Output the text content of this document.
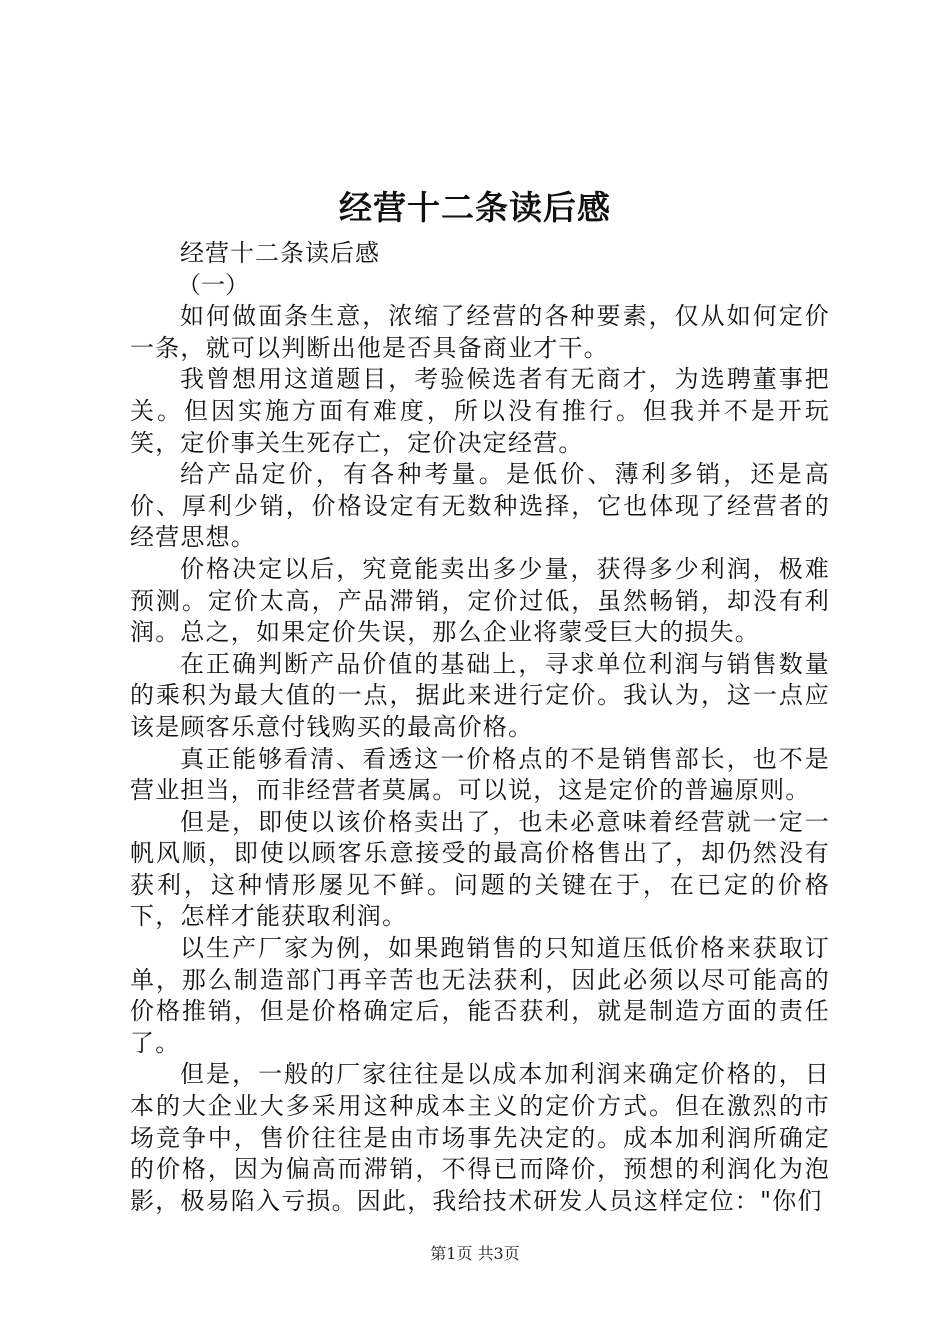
经营十二条读后感

经营十二条读后感

（一）

如何做面条生意，浓缩了经营的各种要素，仅从如何定价一条，就可以判断出他是否具备商业才干。

我曾想用这道题目，考验候选者有无商才，为选聘董事把关。但因实施方面有难度，所以没有推行。但我并不是开玩笑，定价事关生死存亡，定价决定经营。

给产品定价，有各种考量。是低价、薄利多销，还是高价、厚利少销，价格设定有无数种选择，它也体现了经营者的经营思想。

价格决定以后，究竟能卖出多少量，获得多少利润，极难预测。定价太高，产品滞销，定价过低，虽然畅销，却没有利润。总之，如果定价失误，那么企业将蒙受巨大的损失。

在正确判断产品价值的基础上，寻求单位利润与销售数量的乘积为最大值的一点，据此来进行定价。我认为，这一点应该是顾客乐意付钱购买的最高价格。

真正能够看清、看透这一价格点的不是销售部长，也不是营业担当，而非经营者莫属。可以说，这是定价的普遍原则。

但是，即使以该价格卖出了，也未必意味着经营就一定一帆风顺，即使以顾客乐意接受的最高价格售出了，却仍然没有获利，这种情形屡见不鲜。问题的关键在于，在已定的价格下，怎样才能获取利润。

以生产厂家为例，如果跑销售的只知道压低价格来获取订单，那么制造部门再辛苦也无法获利，因此必须以尽可能高的价格推销，但是价格确定后，能否获利，就是制造方面的责任了。

但是，一般的厂家往往是以成本加利润来确定价格的，日本的大企业大多采用这种成本主义的定价方式。但在激烈的市场竞争中，售价往往是由市场事先决定的。成本加利润所确定的价格，因为偏高而滞销，不得已而降价，预想的利润化为泡影，极易陷入亏损。因此，我给技术研发人员这样定位："你们

第1页 共3页
